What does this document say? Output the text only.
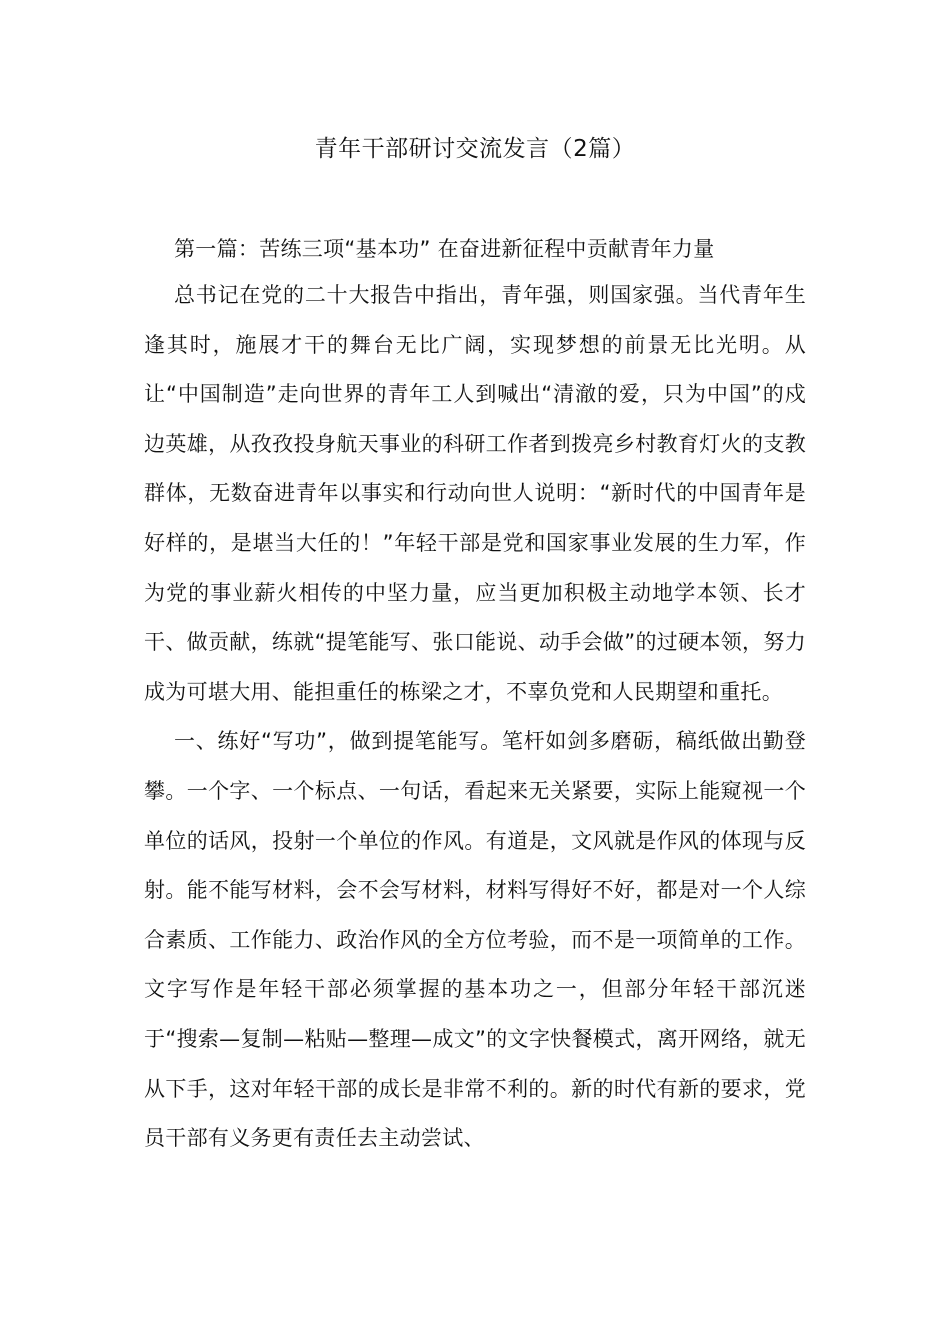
青年干部研讨交流发言（2篇）

第一篇：苦练三项“基本功” 在奋进新征程中贡献青年力量

总书记在党的二十大报告中指出，青年强，则国家强。当代青年生逢其时，施展才干的舞台无比广阔，实现梦想的前景无比光明。从让“中国制造”走向世界的青年工人到喊出“清澈的爱，只为中国”的戍边英雄，从孜孜投身航天事业的科研工作者到拨亮乡村教育灯火的支教群体，无数奋进青年以事实和行动向世人说明：“新时代的中国青年是好样的，是堪当大任的！”年轻干部是党和国家事业发展的生力军，作为党的事业薪火相传的中坚力量，应当更加积极主动地学本领、长才干、做贡献，练就“提笔能写、张口能说、动手会做”的过硬本领，努力成为可堪大用、能担重任的栋梁之才，不辜负党和人民期望和重托。

一、练好“写功”，做到提笔能写。笔杆如剑多磨砺，稿纸做出勤登攀。一个字、一个标点、一句话，看起来无关紧要，实际上能窥视一个单位的话风，投射一个单位的作风。有道是，文风就是作风的体现与反射。能不能写材料，会不会写材料，材料写得好不好，都是对一个人综合素质、工作能力、政治作风的全方位考验，而不是一项简单的工作。文字写作是年轻干部必须掌握的基本功之一，但部分年轻干部沉迷于“搜索—复制—粘贴—整理—成文”的文字快餐模式，离开网络，就无从下手，这对年轻干部的成长是非常不利的。新的时代有新的要求，党员干部有义务更有责任去主动尝试、
